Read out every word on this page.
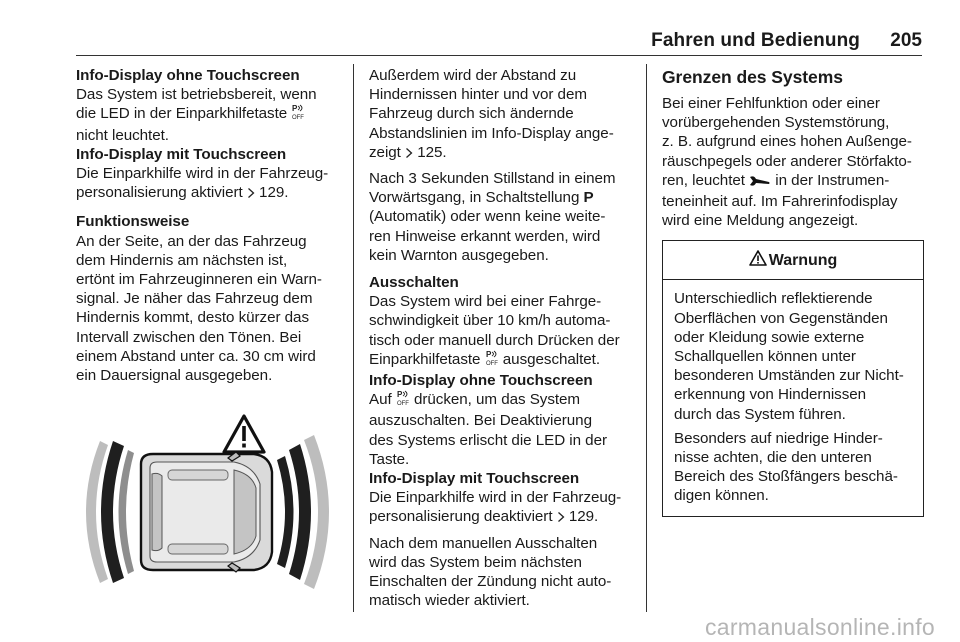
Fahren und Bedienung	205
Info-Display ohne Touchscreen
Das System ist betriebsbereit, wenn
die LED in der Einparkhilfetaste P
OFF
nicht leuchtet.
Info-Display mit Touchscreen
Die Einparkhilfe wird in der Fahrzeug-
personalisierung aktiviert 129.
Funktionsweise
An der Seite, an der das Fahrzeug
dem Hindernis am nächsten ist,
ertönt im Fahrzeuginneren ein Warn-
signal. Je näher das Fahrzeug dem
Hindernis kommt, desto kürzer das
Intervall zwischen den Tönen. Bei
einem Abstand unter ca. 30 cm wird
ein Dauersignal ausgegeben.
Außerdem wird der Abstand zu
Hindernissen hinter und vor dem
Fahrzeug durch sich ändernde
Abstandslinien im Info-Display ange-
zeigt 125.
Nach 3 Sekunden Stillstand in einem
Vorwärtsgang, in Schaltstellung P
(Automatik) oder wenn keine weite-
ren Hinweise erkannt werden, wird
kein Warnton ausgegeben.
Ausschalten
Das System wird bei einer Fahrge-
schwindigkeit über 10 km/h automa-
tisch oder manuell durch Drücken der
Einparkhilfetaste P
OFF ausgeschaltet.
Info-Display ohne Touchscreen
Auf P
OFF drücken, um das System
auszuschalten. Bei Deaktivierung
des Systems erlischt die LED in der
Taste.
Info-Display mit Touchscreen
Die Einparkhilfe wird in der Fahrzeug-
personalisierung deaktiviert 129.
Nach dem manuellen Ausschalten
wird das System beim nächsten
Einschalten der Zündung nicht auto-
matisch wieder aktiviert.
Grenzen des Systems
Bei einer Fehlfunktion oder einer
vorübergehenden Systemstörung,
z. B. aufgrund eines hohen Außenge-
räuschpegels oder anderer Störfakto-
ren, leuchtet in der Instrumen-
teneinheit auf. Im Fahrerinfodisplay
wird eine Meldung angezeigt.
Warnung
Unterschiedlich reflektierende
Oberflächen von Gegenständen
oder Kleidung sowie externe
Schallquellen können unter
besonderen Umständen zur Nicht-
erkennung von Hindernissen
durch das System führen.
Besonders auf niedrige Hinder-
nisse achten, die den unteren
Bereich des Stoßfängers beschä-
digen können.
carmanualsonline.info
